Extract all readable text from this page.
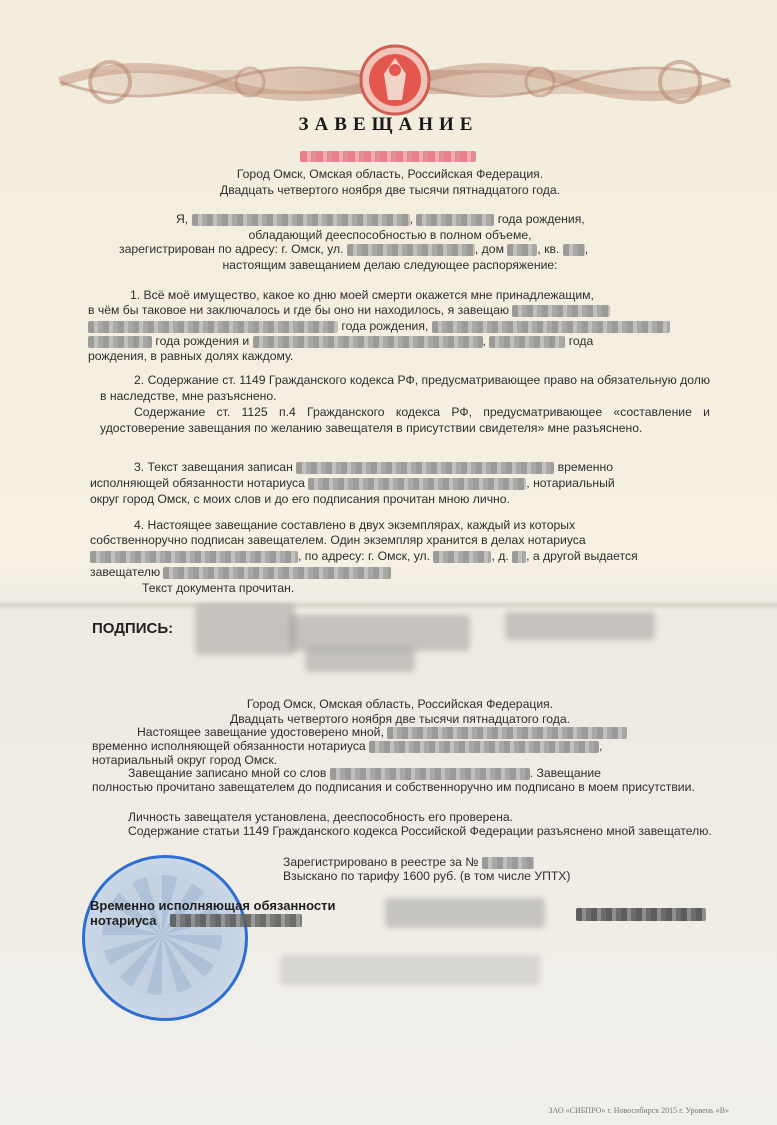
ЗАВЕЩАНИЕ
Город Омск, Омская область, Российская Федерация.
Двадцать четвертого ноября две тысячи пятнадцатого года.
Я,	,	года рождения,
обладающий дееспособностью в полном объеме,
зарегистрирован по адресу: г. Омск, ул.	, дом	, кв. ,
настоящим завещанием делаю следующее распоряжение:
1. Всё моё имущество, какое ко дню моей смерти окажется мне принадлежащим,
в чём бы таковое ни заключалось и где бы оно ни находилось, я завещаю
года рождения,
года рождения и	,	года
рождения, в равных долях каждому.
2. Содержание ст. 1149 Гражданского кодекса РФ, предусматривающее право на обязательную долю в наследстве, мне разъяснено.
Содержание ст. 1125 п.4 Гражданского кодекса РФ, предусматривающее «составление и удостоверение завещания по желанию завещателя в присутствии свидетеля» мне разъяснено.
3. Текст завещания записан	временно
исполняющей обязанности нотариуса	, нотариальный
округ город Омск, с моих слов и до его подписания прочитан мною лично.
4. Настоящее завещание составлено в двух экземплярах, каждый из которых
собственноручно подписан завещателем. Один экземпляр хранится в делах нотариуса
, по адресу: г. Омск, ул.	, д. , а другой выдается
завещателю
Текст документа прочитан.
ПОДПИСЬ:
Город Омск, Омская область, Российская Федерация.
Двадцать четвертого ноября две тысячи пятнадцатого года.
Настоящее завещание удостоверено мной,
временно исполняющей обязанности нотариуса	,
нотариальный округ город Омск.
Завещание записано мной со слов	. Завещание
полностью прочитано завещателем до подписания и собственноручно им подписано в моем присутствии.
Личность завещателя установлена, дееспособность его проверена.
Содержание статьи 1149 Гражданского кодекса Российской Федерации разъяснено мной завещателю.
Зарегистрировано в реестре за №
Взыскано по тарифу 1600 руб. (в том числе УПТХ)
Временно исполняющая обязанности
нотариуса
ЗАО «СИБПРО» г. Новосибирск 2015 г. Уровень «В»
